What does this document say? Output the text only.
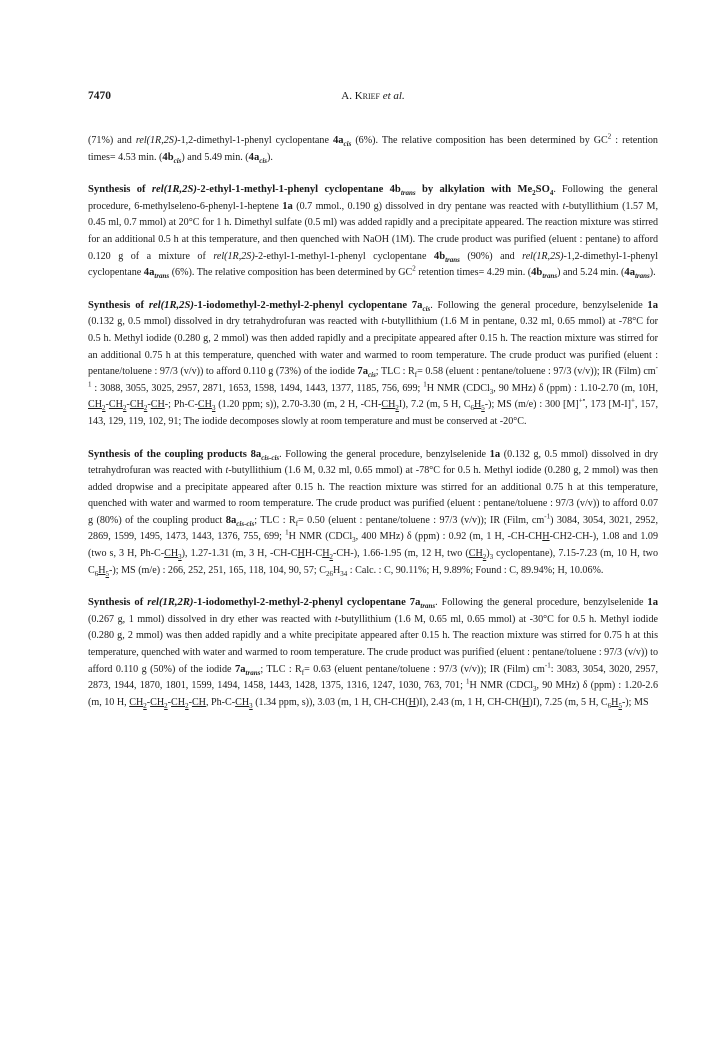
7470	A. Krief et al.

(71%) and rel(1R,2S)-1,2-dimethyl-1-phenyl cyclopentane $4a_{cis}$ (6%). The relative composition has been determined by $GC^2$ : retention times= 4.53 min. $(4b_{cis})$ and 5.49 min. $(4a_{cis})$.

Synthesis of rel(1R,2S)-2-ethyl-1-methyl-1-phenyl cyclopentane $4b_{trans}$ by alkylation with $Me_2SO_4$. Following the general procedure, 6-methylseleno-6-phenyl-1-heptene 1a (0.7 mmol., 0.190 g) dissolved in dry pentane was reacted with t-butyllithium (1.57 M, 0.45 ml, 0.7 mmol) at 20°C for 1 h. Dimethyl sulfate (0.5 ml) was added rapidly and a precipitate appeared. The reaction mixture was stirred for an additional 0.5 h at this temperature, and then quenched with NaOH (1M). The crude product was purified (eluent : pentane) to afford 0.120 g of a mixture of rel(1R,2S)-2-ethyl-1-methyl-1-phenyl cyclopentane $4b_{trans}$ (90%) and rel(1R,2S)-1,2-dimethyl-1-phenyl cyclopentane $4a_{trans}$ (6%). The relative composition has been determined by $GC^2$ retention times= 4.29 min. $(4b_{trans})$ and 5.24 min. $(4a_{trans})$.

Synthesis of rel(1R,2S)-1-iodomethyl-2-methyl-2-phenyl cyclopentane $7a_{cis}$. Following the general procedure, benzylselenide 1a (0.132 g, 0.5 mmol) dissolved in dry tetrahydrofuran was reacted with t-butyllithium (1.6 M in pentane, 0.32 ml, 0.65 mmol) at -78°C for 0.5 h. Methyl iodide (0.280 g, 2 mmol) was then added rapidly and a precipitate appeared after 0.15 h. The reaction mixture was stirred for an additional 0.75 h at this temperature, quenched with water and warmed to room temperature. The crude product was purified (eluent : pentane/toluene : 97/3 (v/v)) to afford 0.110 g (73%) of the iodide $7a_{cis}$; TLC : $R_f= 0.58$ (eluent : pentane/toluene : 97/3 (v/v)); IR (Film) $cm^{-1}$ : 3088, 3055, 3025, 2957, 2871, 1653, 1598, 1494, 1443, 1377, 1185, 756, 699; $^1$H NMR (CDCl$_3$, 90 MHz) δ (ppm) : 1.10-2.70 (m, 10H, $CH_2-CH_2-CH_2-CH-$; $Ph-C-CH_3$ (1.20 ppm; s)), 2.70-3.30 (m, 2 H, $-CH-CH_2I$), 7.2 (m, 5 H, $C_6H_5-$); MS (m/e) : 300 [M]+•, 173 [M-I]+, 157, 143, 129, 119, 102, 91; The iodide decomposes slowly at room temperature and must be conserved at -20°C.

Synthesis of the coupling products $8a_{cis-cis}$. Following the general procedure, benzylselenide 1a (0.132 g, 0.5 mmol) dissolved in dry tetrahydrofuran was reacted with t-butyllithium (1.6 M, 0.32 ml, 0.65 mmol) at -78°C for 0.5 h. Methyl iodide (0.280 g, 2 mmol) was then added dropwise and a precipitate appeared after 0.15 h. The reaction mixture was stirred for an additional 0.75 h at this temperature, quenched with water and warmed to room temperature. The crude product was purified (eluent : pentane/toluene : 97/3 (v/v)) to afford 0.07 g (80%) of the coupling product $8a_{cis-cis}$; TLC : $R_f= 0.50$ (eluent : pentane/toluene : 97/3 (v/v)); IR (Film, $cm^{-1}$) 3084, 3054, 3021, 2952, 2869, 1599, 1495, 1473, 1443, 1376, 755, 699; $^1$H NMR (CDCl$_3$, 400 MHz) δ (ppm) : 0.92 (m, 1 H, -CH-CHH-CH2-CH-), 1.08 and 1.09 (two s, 3 H, $Ph-C-CH_3$), 1.27-1.31 (m, 3 H, $-CH-CHH-CH_2-CH-$), 1.66-1.95 (m, 12 H, two $(CH_2)_3$ cyclopentane), 7.15-7.23 (m, 10 H, two $C_6H_5-$); MS (m/e) : 266, 252, 251, 165, 118, 104, 90, 57; $C_{26}H_{34}$ : Calc. : C, 90.11%; H, 9.89%; Found : C, 89.94%; H, 10.06%.

Synthesis of rel(1R,2R)-1-iodomethyl-2-methyl-2-phenyl cyclopentane $7a_{trans}$. Following the general procedure, benzylselenide 1a (0.267 g, 1 mmol) dissolved in dry ether was reacted with t-butyllithium (1.6 M, 0.65 ml, 0.65 mmol) at -30°C for 0.5 h. Methyl iodide (0.280 g, 2 mmol) was then added rapidly and a white precipitate appeared after 0.15 h. The reaction mixture was stirred for 0.75 h at this temperature, quenched with water and warmed to room temperature. The crude product was purified (eluent : pentane/toluene : 97/3 (v/v)) to afford 0.110 g (50%) of the iodide $7a_{trans}$; TLC : $R_f= 0.63$ (eluent pentane/toluene : 97/3 (v/v)); IR (Film) $cm^{-1}$: 3083, 3054, 3020, 2957, 2873, 1944, 1870, 1801, 1599, 1494, 1458, 1443, 1428, 1375, 1316, 1247, 1030, 763, 701; $^1$H NMR (CDCl$_3$, 90 MHz) δ (ppm) : 1.20-2.6 (m, 10 H, $CH_2-CH_2-CH_2-CH$, $Ph-C-CH_3$ (1.34 ppm, s)), 3.03 (m, 1 H, CH-CH(H)I), 2.43 (m, 1 H, CH-CH(H)I), 7.25 (m, 5 H, $C_6H_5-$); MS
